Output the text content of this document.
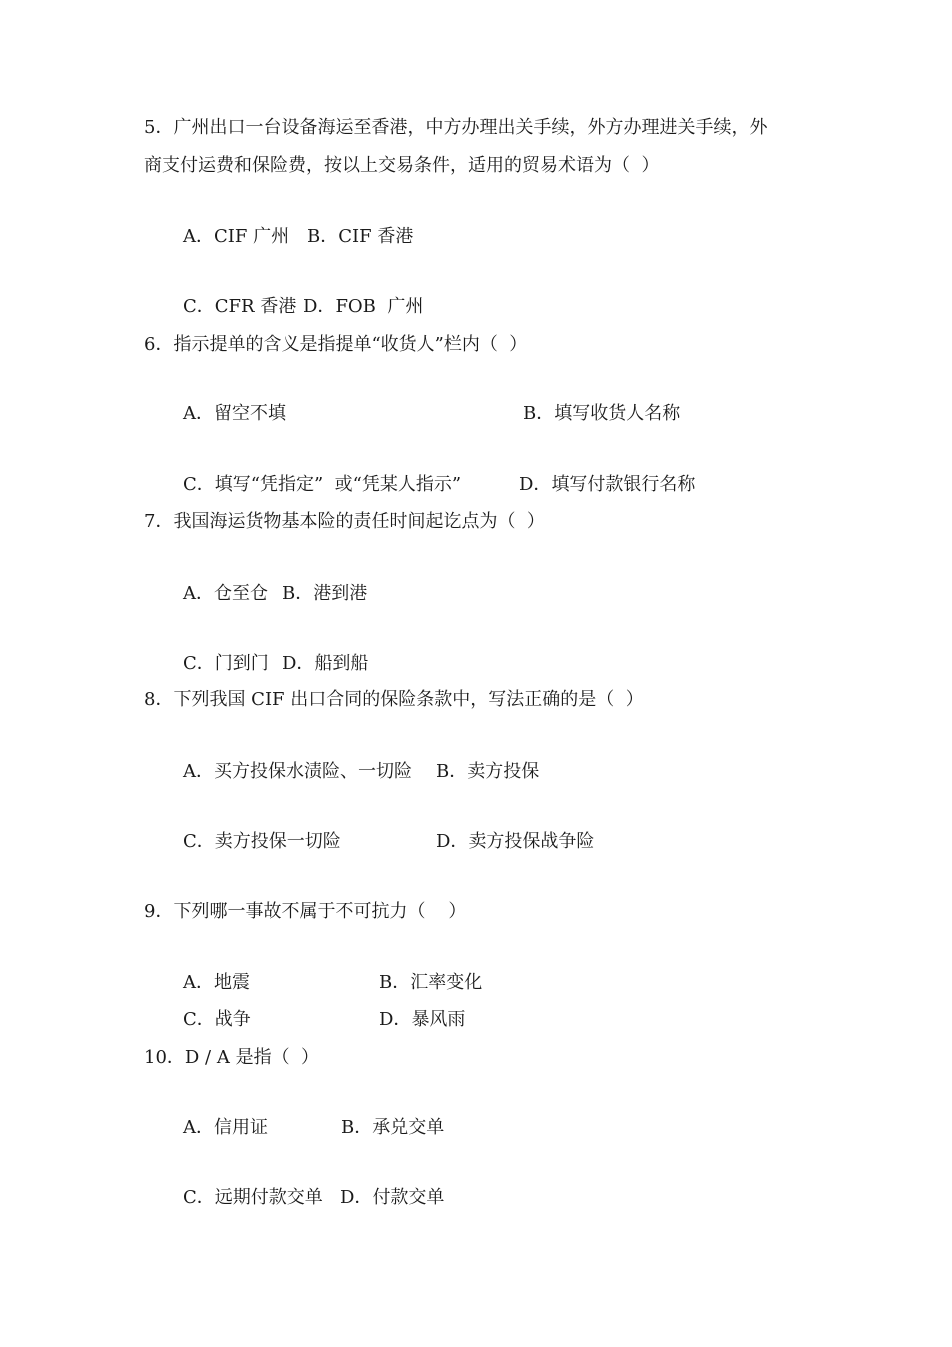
5．广州出口一台设备海运至香港，中方办理出关手续，外方办理进关手续，外
商支付运费和保险费，按以上交易条件，适用的贸易术语为（  ）
A．CIF 广州 B．CIF 香港
C．CFR 香港 D．FOB  广州
6．指示提单的含义是指提单“收货人”栏内（  ）
A．留空不填	B．填写收货人名称
C．填写“凭指定”  或“凭某人指示”	D．填写付款银行名称
7．我国海运货物基本险的责任时间起讫点为（  ）
A．仓至仓 B．港到港
C．门到门 D．船到船
8．下列我国 CIF 出口合同的保险条款中，写法正确的是（  ）
A．买方投保水渍险、一切险 B．卖方投保
C．卖方投保一切险	D．卖方投保战争险
9．下列哪一事故不属于不可抗力（    ）
A．地震	B．汇率变化
C．战争	D．暴风雨
10．D / A 是指（  ）
A．信用证	B．承兑交单
C．远期付款交单 D．付款交单
